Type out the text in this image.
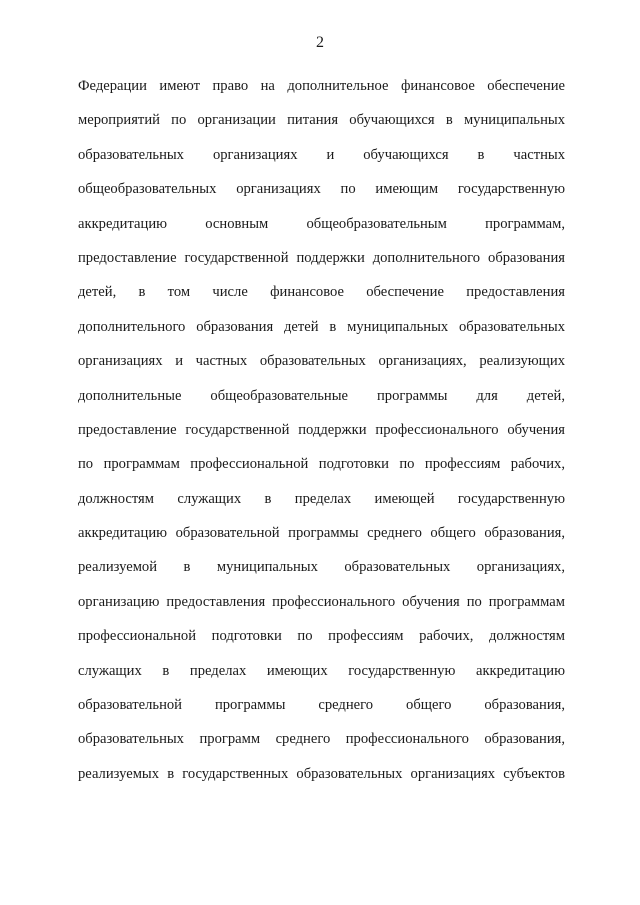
2
Федерации имеют право на дополнительное финансовое обеспечение
мероприятий по организации питания обучающихся в муниципальных
образовательных организациях и обучающихся в частных
общеобразовательных организациях по имеющим государственную
аккредитацию основным общеобразовательным программам,
предоставление государственной поддержки дополнительного образования
детей, в том числе финансовое обеспечение предоставления
дополнительного образования детей в муниципальных образовательных
организациях и частных образовательных организациях, реализующих
дополнительные общеобразовательные программы для детей,
предоставление государственной поддержки профессионального обучения
по программам профессиональной подготовки по профессиям рабочих,
должностям служащих в пределах имеющей государственную
аккредитацию образовательной программы среднего общего образования,
реализуемой в муниципальных образовательных организациях,
организацию предоставления профессионального обучения по программам
профессиональной подготовки по профессиям рабочих, должностям
служащих в пределах имеющих государственную аккредитацию
образовательной программы среднего общего образования,
образовательных программ среднего профессионального образования,
реализуемых в государственных образовательных организациях субъектов
